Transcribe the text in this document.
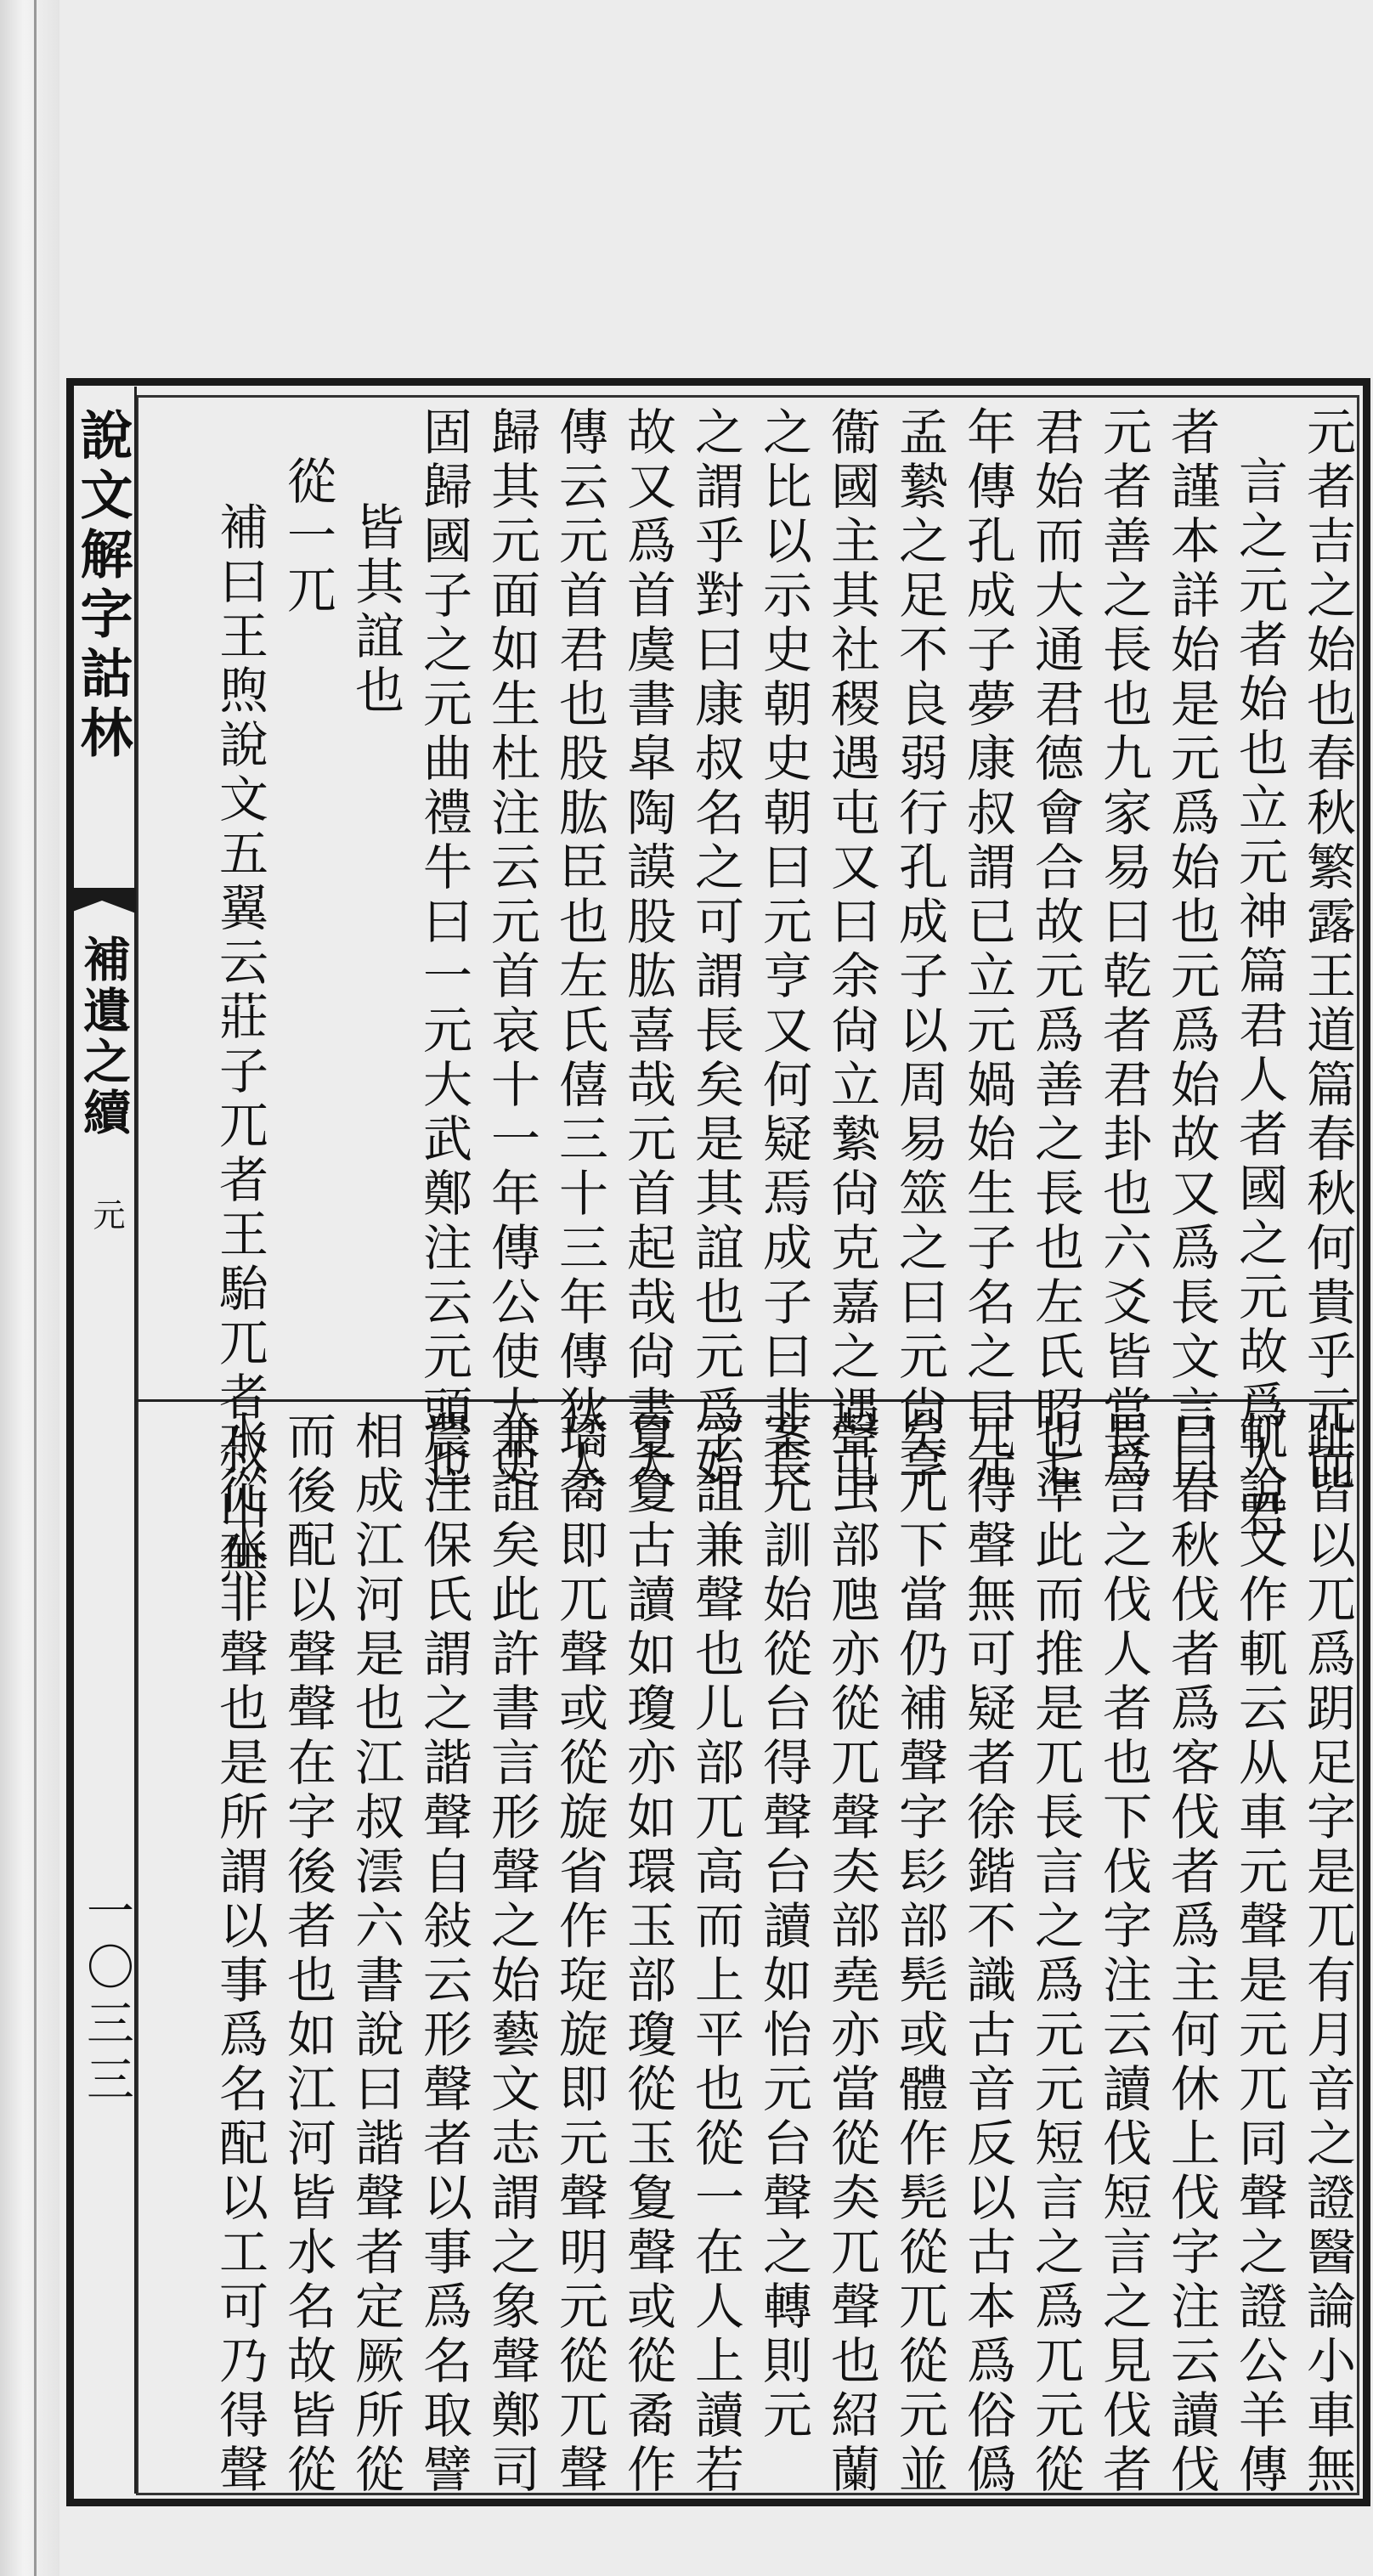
說文解字詁林
補遺之續
元
一〇三三
元者吉之始也春秋繁露王道篇春秋何貴乎元而
言之元者始也立元神篇君人者國之元故爲人君
者謹本詳始是元爲始也元爲始故又爲長文言曰
元者善之長也九家易曰乾者君卦也六爻皆當爲
君始而大通君德會合故元爲善之長也左氏昭七
年傳孔成子夢康叔謂已立元媧始生子名之曰元
孟縶之足不良弱行孔成子以周易筮之曰元尙享
衞國主其社稷遇屯又曰余尙立縶尙克嘉之遇屯
之比以示史朝史朝曰元亨又何疑焉成子曰非長
之謂乎對曰康叔名之可謂長矣是其誼也元爲始
故又爲首虞書皐陶謨股肱喜哉元首起哉尙書大
傳云元首君也股肱臣也左氏僖三十三年傳狄人
歸其元面如生杜注云元首哀十一年傳公使大史
固歸國子之元曲禮牛曰一元大武鄭注云元頭也
皆其誼也
從一兀
補曰王煦說文五翼云莊子兀者王駘兀者叔山無
趾皆以兀爲跀足字是兀有月音之證醫論小車無
軏說文作軏云从車元聲是元兀同聲之證公羊傳
曰春秋伐者爲客伐者爲主何休上伐字注云讀伐
長言之伐人者也下伐字注云讀伐短言之見伐者
也準此而推是兀長言之爲元元短言之爲兀元從
兀得聲無可疑者徐鍇不識古音反以古本爲俗僞
矣兀下當仍補聲字髟部髡或體作髡從兀從元並
聲虫部虺亦從兀聲㚐部堯亦當從㚐兀聲也紹蘭
案元訓始從台得聲台讀如怡元台聲之轉則元
字誼兼聲也儿部兀高而上平也從一在人上讀若
夐夐古讀如瓊亦如環玉部瓊從玉夐聲或從矞作
璚矞即兀聲或從旋省作琁旋即元聲明元從兀聲
兼誼矣此許書言形聲之始藝文志謂之象聲鄭司
農注保氏謂之諧聲自敍云形聲者以事爲名取譬
相成江河是也江叔澐六書說曰諧聲者定厥所從
而後配以聲聲在字後者也如江河皆水名故皆從
水從水非聲也是所謂以事爲名配以工可乃得聲
